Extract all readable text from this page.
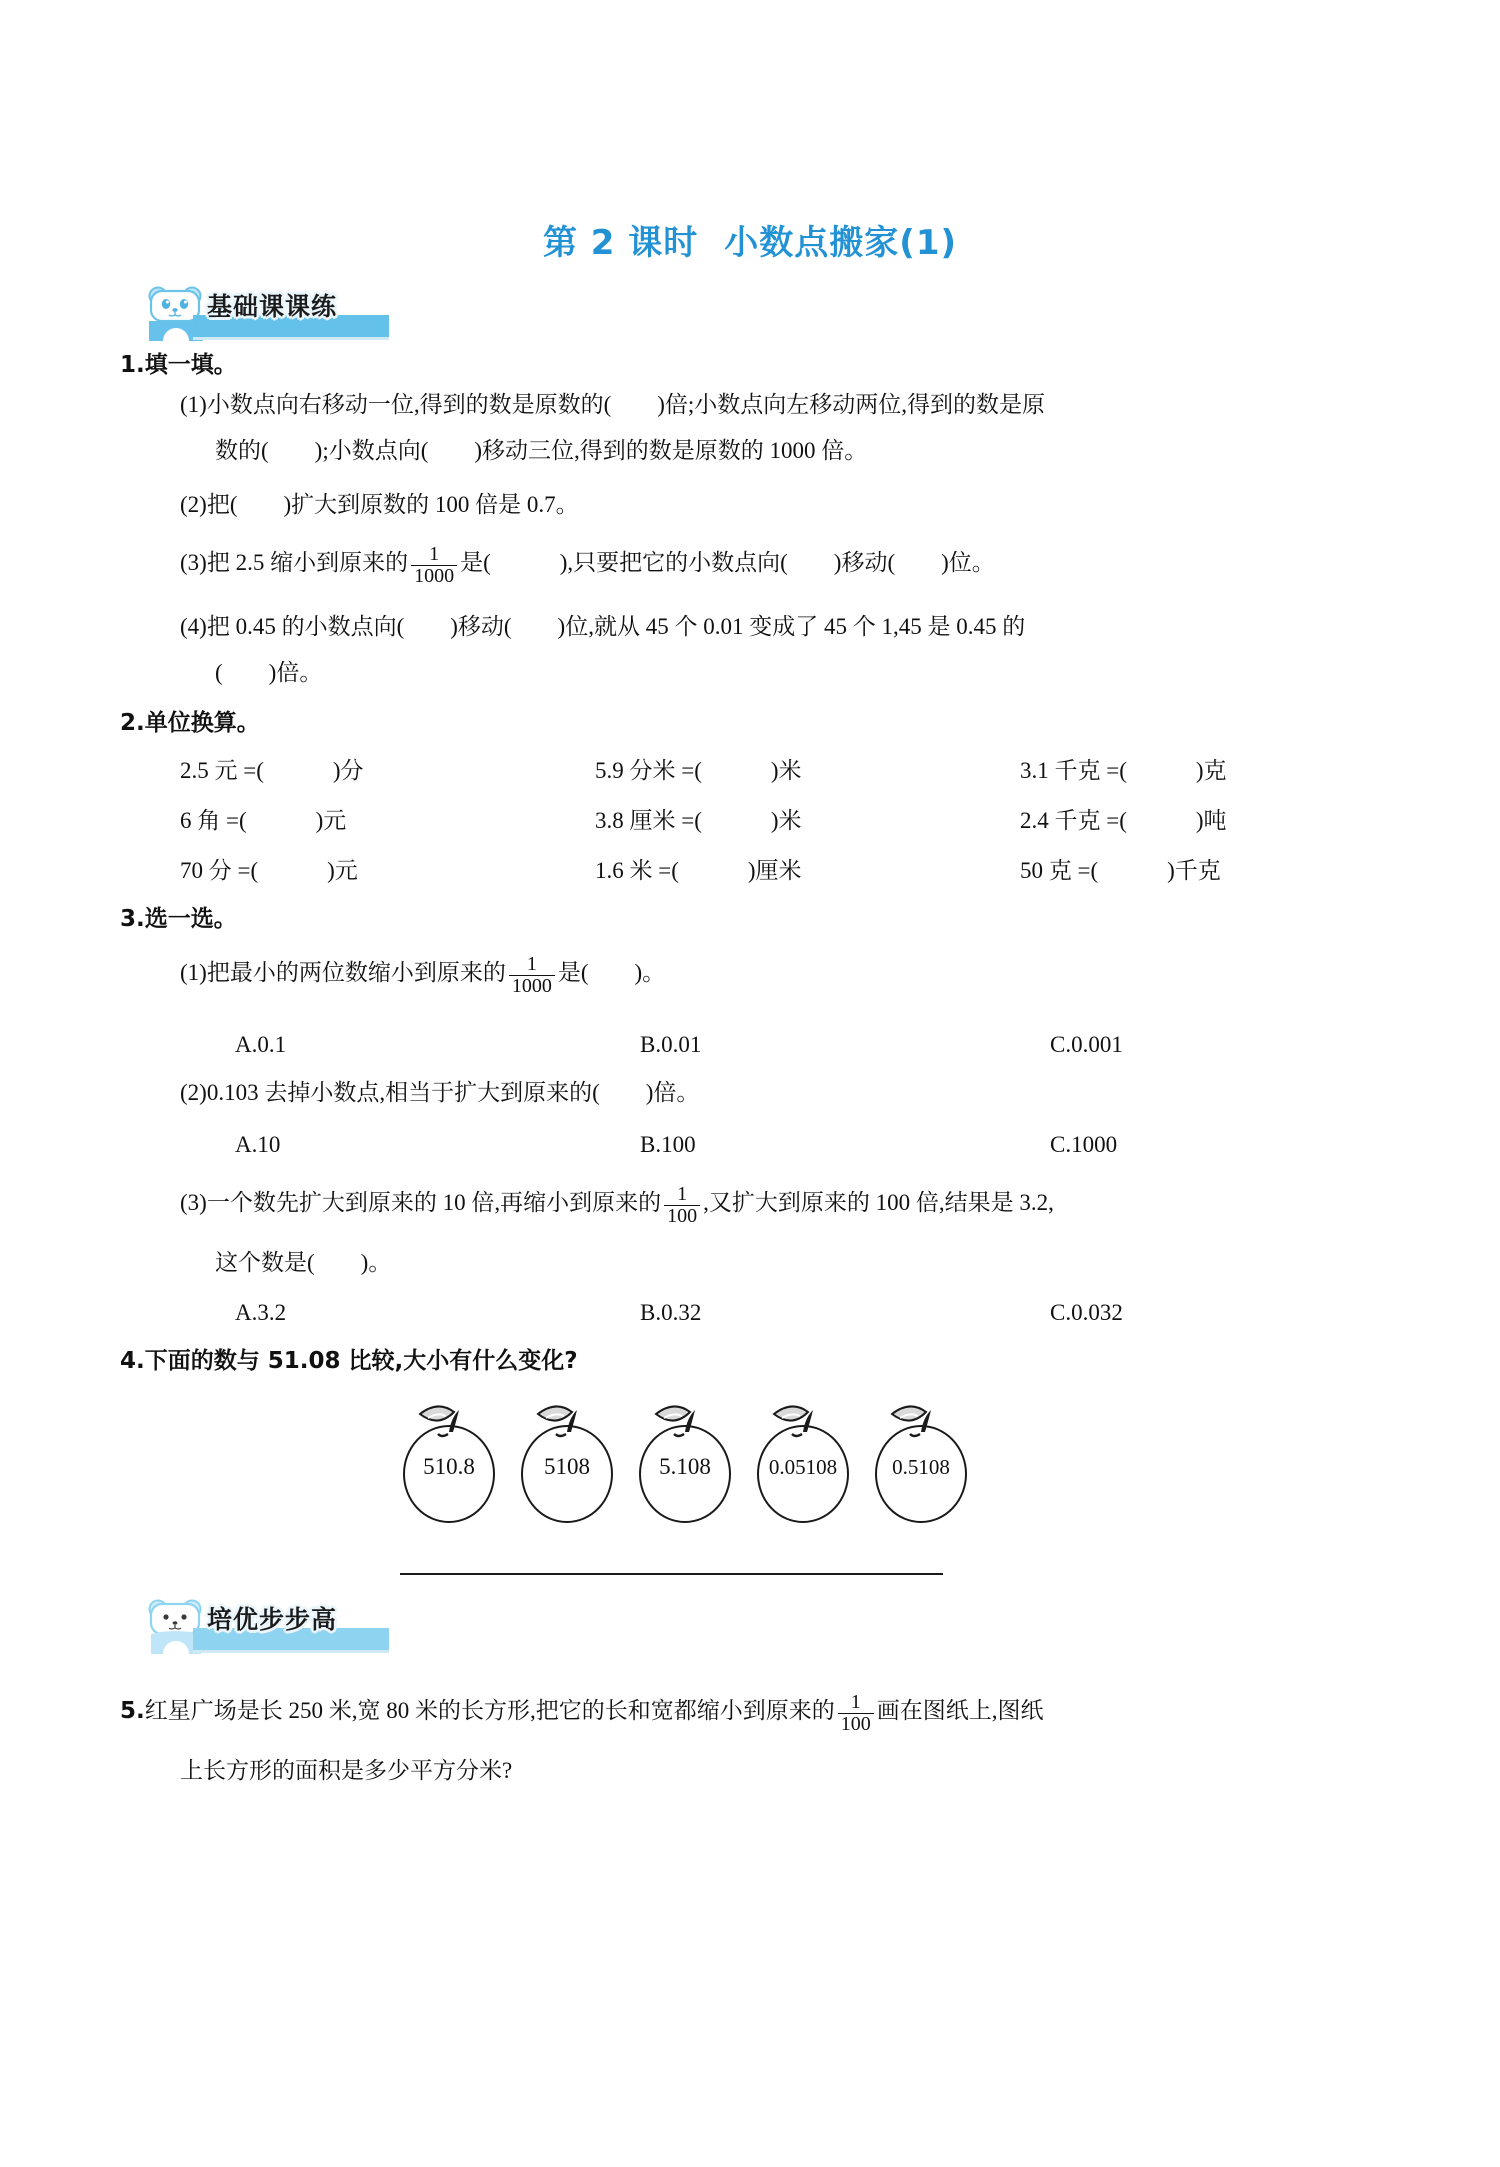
第 2 课时 小数点搬家(1)
基础课课练
1.填一填。
(1)小数点向右移动一位,得到的数是原数的(　　)倍;小数点向左移动两位,得到的数是原
数的(　　);小数点向(　　)移动三位,得到的数是原数的 1000 倍。
(2)把(　　)扩大到原数的 100 倍是 0.7。
(3)把 2.5 缩小到原来的 $\frac{1}{1000}$ 是(　　　),只要把它的小数点向(　　)移动(　　)位。
(4)把 0.45 的小数点向(　　)移动(　　)位,就从 45 个 0.01 变成了 45 个 1,45 是 0.45 的
(　　)倍。
2.单位换算。
2.5 元 =(　　　)分	5.9 分米 =(　　　)米	3.1 千克 =(　　　)克
6 角 =(　　　)元	3.8 厘米 =(　　　)米	2.4 千克 =(　　　)吨
70 分 =(　　　)元	1.6 米 =(　　　)厘米	50 克 =(　　　)千克
3.选一选。
(1)把最小的两位数缩小到原来的 $\frac{1}{1000}$ 是(　　)。
A.0.1	B.0.01	C.0.001
(2)0.103 去掉小数点,相当于扩大到原来的(　　)倍。
A.10	B.100	C.1000
(3)一个数先扩大到原来的 10 倍,再缩小到原来的 $\frac{1}{100}$ ,又扩大到原来的 100 倍,结果是 3.2,
这个数是(　　)。
A.3.2	B.0.32	C.0.032
4.下面的数与 51.08 比较,大小有什么变化?
510.8	5108	5.108	0.05108	0.5108
培优步步高
5.红星广场是长 250 米,宽 80 米的长方形,把它的长和宽都缩小到原来的 $\frac{1}{100}$ 画在图纸上,图纸
上长方形的面积是多少平方分米?
